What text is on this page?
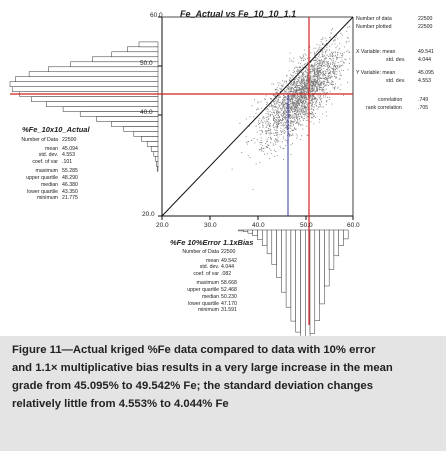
60.0 Fe_Actual vs Fe_10_10_1.1
50.0
40.0
20.0
20.0	30.0	40.0	50.0	60.0
Number of data	22500
Number plotted	22500
X Variable: mean	49.541
std. dev. 4.044
Y Variable: mean	45.095
std. dev. 4.553
correlation	.749
rank correlation	.705
%Fe_10x10_Actual
Number of Data 22500
mean 45.094
std. dev. 4.553
coef. of var .101
maximum 55.285
upper quartile 48.290
median 46.380
lower quartile 43.350
minimum 21.775
%Fe 10%Error 1.1xBias
Number of Data 22500
mean 49.542
std. dev. 4.044
coef. of var .082
maximum 58.668
upper quartile 52.468
median 50.230
lower quartile 47.170
minimum 31.591
Figure 11—Actual kriged %Fe data compared to data with 10% error
and 1.1× multiplicative bias results in a very large increase in the mean
grade from 45.095% to 49.542% Fe; the standard deviation changes
relatively little from 4.553% to 4.044% Fe
